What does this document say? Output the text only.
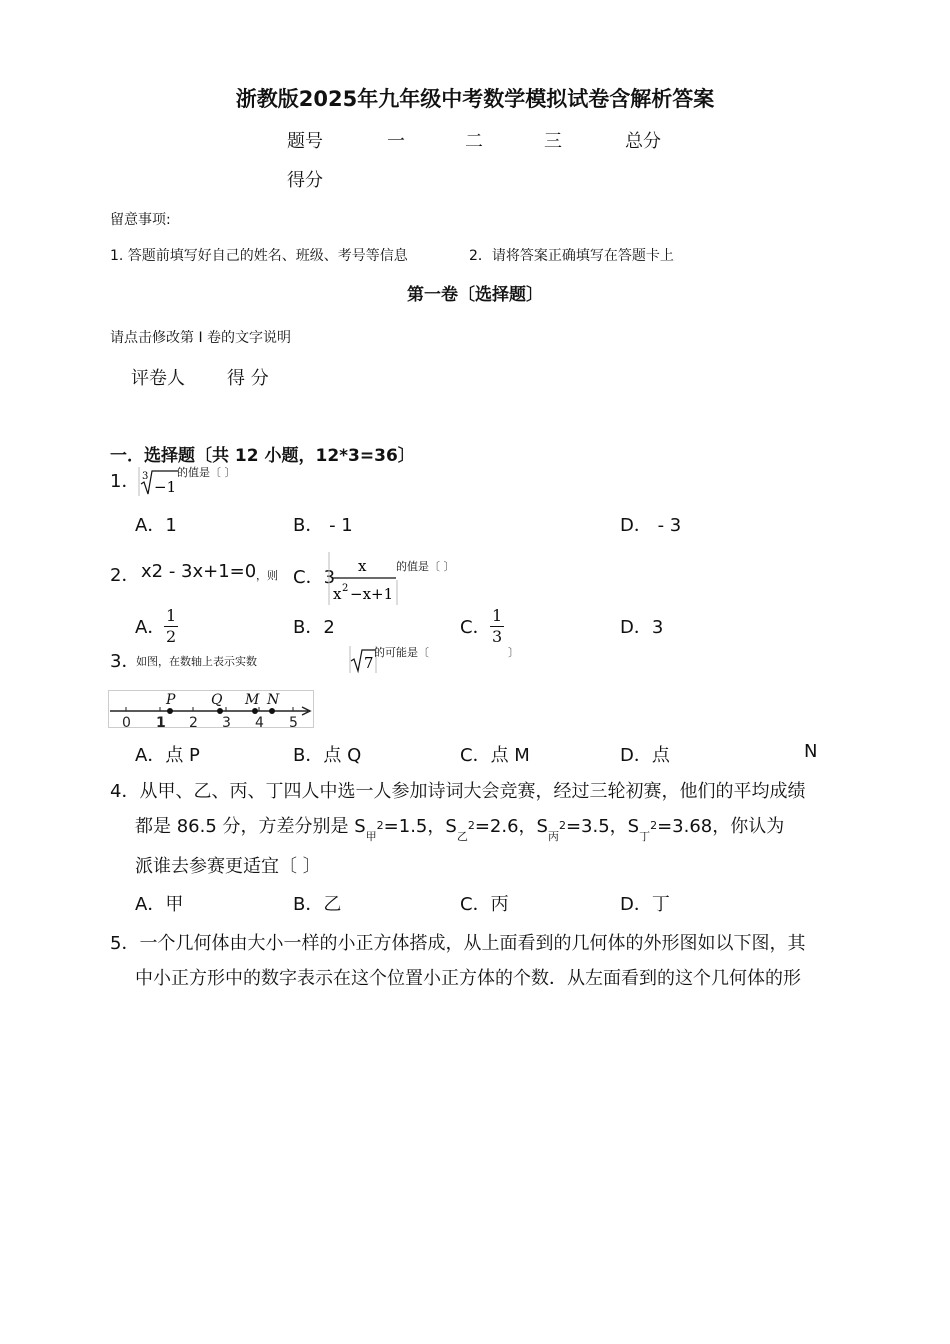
浙教版2025年九年级中考数学模拟试卷含解析答案
题号	一	二	三	总分
得分
留意事项:
1. 答题前填写好自己的姓名、班级、考号等信息	2．请将答案正确填写在答题卡上
第一卷〔选择题〕
请点击修改第 I 卷的文字说明
评卷人 得 分
一．选择题〔共 12 小题，12*3=36〕
1． 3
−1
的值是〔 〕
A．1	B． - 1	D． - 3
2． x2 - 3x+1=0 ，则 C．3
x
x 2 −x+1
的值是〔 〕
A．
$\frac{1}{2}$	B．2	C． $\frac{1}{3}$	D．3
3．
如图，在数轴上表示实数	7
的可能是〔	〕
0 1 2 3 4 5
P	Q M N
A．点 P	B．点 Q	C．点 M	D．点	N
4．从甲、乙、丙、丁四人中选一人参加诗词大会竞赛，经过三轮初赛，他们的平均成绩
都是 86.5 分，方差分别是 $S_甲2=1.5$，$S_乙2=2.6$，$S_丙2=3.5$，$S_丁2=3.68$，你认为
派谁去参赛更适宜〔 〕
A．甲	B．乙	C．丙	D．丁
5．一个几何体由大小一样的小正方体搭成，从上面看到的几何体的外形图如以下图，其
中小正方形中的数字表示在这个位置小正方体的个数．从左面看到的这个几何体的形
